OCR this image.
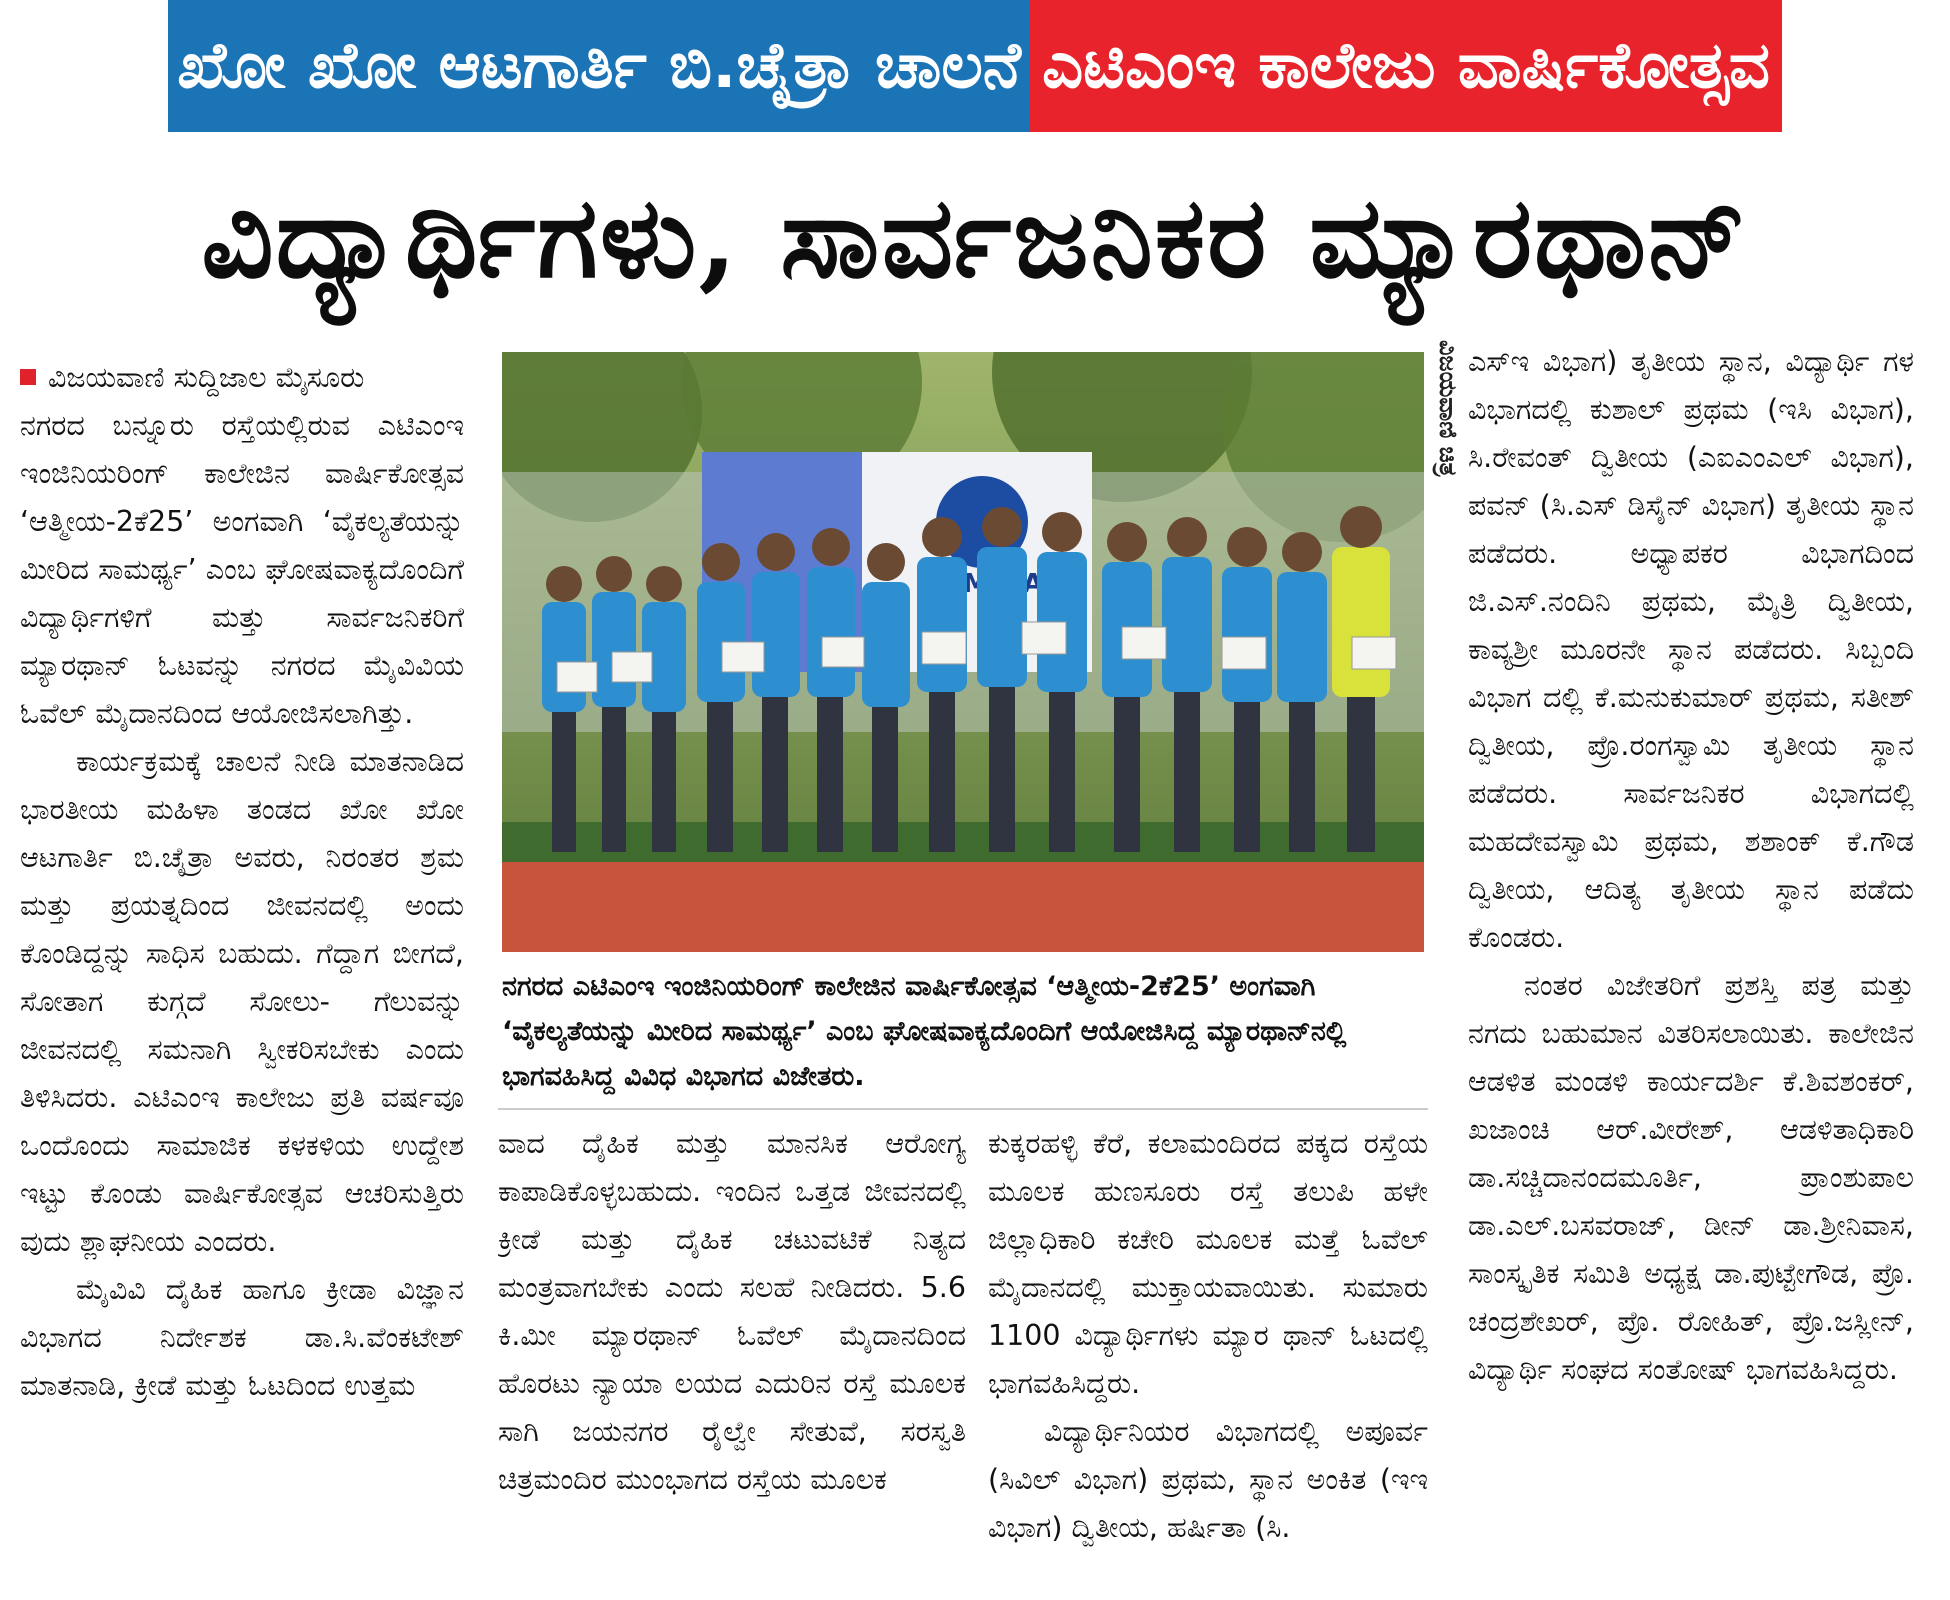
ಖೋ ಖೋ ಆಟಗಾರ್ತಿ ಬಿ.ಚೈತ್ರಾ ಚಾಲನೆ ಎಟಿಎಂಇ ಕಾಲೇಜು ವಾರ್ಷಿಕೋತ್ಸವ
ವಿದ್ಯಾರ್ಥಿಗಳು, ಸಾರ್ವಜನಿಕರ ಮ್ಯಾರಥಾನ್

ವಿಜಯವಾಣಿ ಸುದ್ದಿಜಾಲ ಮೈಸೂರು

ನಗರದ ಬನ್ನೂರು ರಸ್ತೆಯಲ್ಲಿರುವ ಎಟಿಎಂಇ ಇಂಜಿನಿಯರಿಂಗ್ ಕಾಲೇಜಿನ ವಾರ್ಷಿಕೋತ್ಸವ ‘ಆತ್ಮೀಯ-2ಕೆ25’ ಅಂಗವಾಗಿ ‘ವೈಕಲ್ಯತೆಯನ್ನು ಮೀರಿದ ಸಾಮರ್ಥ್ಯ’ ಎಂಬ ಘೋಷವಾಕ್ಯದೊಂದಿಗೆ ವಿದ್ಯಾರ್ಥಿಗಳಿಗೆ ಮತ್ತು ಸಾರ್ವಜನಿಕರಿಗೆ ಮ್ಯಾರಥಾನ್ ಓಟವನ್ನು ನಗರದ ಮೈವಿವಿಯ ಓವೆಲ್ ಮೈದಾನದಿಂದ ಆಯೋಜಿಸಲಾಗಿತ್ತು.

ಕಾರ್ಯಕ್ರಮಕ್ಕೆ ಚಾಲನೆ ನೀಡಿ ಮಾತನಾಡಿದ ಭಾರತೀಯ ಮಹಿಳಾ ತಂಡದ ಖೋ ಖೋ ಆಟಗಾರ್ತಿ ಬಿ.ಚೈತ್ರಾ ಅವರು, ನಿರಂತರ ಶ್ರಮ ಮತ್ತು ಪ್ರಯತ್ನದಿಂದ ಜೀವನದಲ್ಲಿ ಅಂದು ಕೊಂಡಿದ್ದನ್ನು ಸಾಧಿಸ ಬಹುದು. ಗೆದ್ದಾಗ ಬೀಗದೆ, ಸೋತಾಗ ಕುಗ್ಗದೆ ಸೋಲು- ಗೆಲುವನ್ನು ಜೀವನದಲ್ಲಿ ಸಮನಾಗಿ ಸ್ವೀಕರಿಸಬೇಕು ಎಂದು ತಿಳಿಸಿದರು. ಎಟಿಎಂಇ ಕಾಲೇಜು ಪ್ರತಿ ವರ್ಷವೂ ಒಂದೊಂದು ಸಾಮಾಜಿಕ ಕಳಕಳಿಯ ಉದ್ದೇಶ ಇಟ್ಟು ಕೊಂಡು ವಾರ್ಷಿಕೋತ್ಸವ ಆಚರಿಸುತ್ತಿರು ವುದು ಶ್ಲಾಘನೀಯ ಎಂದರು.

ಮೈವಿವಿ ದೈಹಿಕ ಹಾಗೂ ಕ್ರೀಡಾ ವಿಜ್ಞಾನ ವಿಭಾಗದ ನಿರ್ದೇಶಕ ಡಾ.ಸಿ.ವೆಂಕಟೇಶ್ ಮಾತನಾಡಿ, ಕ್ರೀಡೆ ಮತ್ತು ಓಟದಿಂದ ಉತ್ತಮ

ವಿಜಯವಾಣಿ ಚಿತ್ರ
ನಗರದ ಎಟಿಎಂಇ ಇಂಜಿನಿಯರಿಂಗ್ ಕಾಲೇಜಿನ ವಾರ್ಷಿಕೋತ್ಸವ ‘ಆತ್ಮೀಯ-2ಕೆ25’ ಅಂಗವಾಗಿ ‘ವೈಕಲ್ಯತೆಯನ್ನು ಮೀರಿದ ಸಾಮರ್ಥ್ಯ’ ಎಂಬ ಘೋಷವಾಕ್ಯದೊಂದಿಗೆ ಆಯೋಜಿಸಿದ್ದ ಮ್ಯಾರಥಾನ್‌ನಲ್ಲಿ ಭಾಗವಹಿಸಿದ್ದ ವಿವಿಧ ವಿಭಾಗದ ವಿಜೇತರು.

ವಾದ ದೈಹಿಕ ಮತ್ತು ಮಾನಸಿಕ ಆರೋಗ್ಯ ಕಾಪಾಡಿಕೊಳ್ಳಬಹುದು. ಇಂದಿನ ಒತ್ತಡ ಜೀವನದಲ್ಲಿ ಕ್ರೀಡೆ ಮತ್ತು ದೈಹಿಕ ಚಟುವಟಿಕೆ ನಿತ್ಯದ ಮಂತ್ರವಾಗಬೇಕು ಎಂದು ಸಲಹೆ ನೀಡಿದರು. 5.6 ಕಿ.ಮೀ ಮ್ಯಾರಥಾನ್ ಓವೆಲ್ ಮೈದಾನದಿಂದ ಹೊರಟು ನ್ಯಾಯಾ ಲಯದ ಎದುರಿನ ರಸ್ತೆ ಮೂಲಕ ಸಾಗಿ ಜಯನಗರ ರೈಲ್ವೇ ಸೇತುವೆ, ಸರಸ್ವತಿ ಚಿತ್ರಮಂದಿರ ಮುಂಭಾಗದ ರಸ್ತೆಯ ಮೂಲಕ

ಕುಕ್ಕರಹಳ್ಳಿ ಕೆರೆ, ಕಲಾಮಂದಿರದ ಪಕ್ಕದ ರಸ್ತೆಯ ಮೂಲಕ ಹುಣಸೂರು ರಸ್ತೆ ತಲುಪಿ ಹಳೇ ಜಿಲ್ಲಾಧಿಕಾರಿ ಕಚೇರಿ ಮೂಲಕ ಮತ್ತೆ ಓವೆಲ್ ಮೈದಾನದಲ್ಲಿ ಮುಕ್ತಾಯವಾಯಿತು. ಸುಮಾರು 1100 ವಿದ್ಯಾರ್ಥಿಗಳು ಮ್ಯಾರ ಥಾನ್ ಓಟದಲ್ಲಿ ಭಾಗವಹಿಸಿದ್ದರು.

ವಿದ್ಯಾರ್ಥಿನಿಯರ ವಿಭಾಗದಲ್ಲಿ ಅಪೂರ್ವ (ಸಿವಿಲ್ ವಿಭಾಗ) ಪ್ರಥಮ, ಸ್ಥಾನ ಅಂಕಿತ (ಇಇ ವಿಭಾಗ) ದ್ವಿತೀಯ, ಹರ್ಷಿತಾ (ಸಿ.

ಎಸ್‌ಇ ವಿಭಾಗ) ತೃತೀಯ ಸ್ಥಾನ, ವಿದ್ಯಾರ್ಥಿ ಗಳ ವಿಭಾಗದಲ್ಲಿ ಕುಶಾಲ್ ಪ್ರಥಮ (ಇಸಿ ವಿಭಾಗ), ಸಿ.ರೇವಂತ್ ದ್ವಿತೀಯ (ಎಐಎಂಎಲ್ ವಿಭಾಗ), ಪವನ್ (ಸಿ.ಎಸ್ ಡಿಸೈನ್ ವಿಭಾಗ) ತೃತೀಯ ಸ್ಥಾನ ಪಡೆದರು. ಅಧ್ಯಾಪಕರ ವಿಭಾಗದಿಂದ ಜಿ.ಎಸ್.ನಂದಿನಿ ಪ್ರಥಮ, ಮೈತ್ರಿ ದ್ವಿತೀಯ, ಕಾವ್ಯಶ್ರೀ ಮೂರನೇ ಸ್ಥಾನ ಪಡೆದರು. ಸಿಬ್ಬಂದಿ ವಿಭಾಗ ದಲ್ಲಿ ಕೆ.ಮನುಕುಮಾರ್ ಪ್ರಥಮ, ಸತೀಶ್ ದ್ವಿತೀಯ, ಪ್ರೊ.ರಂಗಸ್ವಾಮಿ ತೃತೀಯ ಸ್ಥಾನ ಪಡೆದರು. ಸಾರ್ವಜನಿಕರ ವಿಭಾಗದಲ್ಲಿ ಮಹದೇವಸ್ವಾಮಿ ಪ್ರಥಮ, ಶಶಾಂಕ್ ಕೆ.ಗೌಡ ದ್ವಿತೀಯ, ಆದಿತ್ಯ ತೃತೀಯ ಸ್ಥಾನ ಪಡೆದು ಕೊಂಡರು.

ನಂತರ ವಿಜೇತರಿಗೆ ಪ್ರಶಸ್ತಿ ಪತ್ರ ಮತ್ತು ನಗದು ಬಹುಮಾನ ವಿತರಿಸಲಾಯಿತು. ಕಾಲೇಜಿನ ಆಡಳಿತ ಮಂಡಳಿ ಕಾರ್ಯದರ್ಶಿ ಕೆ.ಶಿವಶಂಕರ್, ಖಜಾಂಚಿ ಆರ್.ವೀರೇಶ್, ಆಡಳಿತಾಧಿಕಾರಿ ಡಾ.ಸಚ್ಚಿದಾನಂದಮೂರ್ತಿ, ಪ್ರಾಂಶುಪಾಲ ಡಾ.ಎಲ್.ಬಸವರಾಜ್, ಡೀನ್ ಡಾ.ಶ್ರೀನಿವಾಸ, ಸಾಂಸ್ಕೃತಿಕ ಸಮಿತಿ ಅಧ್ಯಕ್ಷ ಡಾ.ಪುಟ್ಟೇಗೌಡ, ಪ್ರೊ. ಚಂದ್ರಶೇಖರ್, ಪ್ರೊ. ರೋಹಿತ್, ಪ್ರೊ.ಜಸ್ಲೀನ್, ವಿದ್ಯಾರ್ಥಿ ಸಂಘದ ಸಂತೋಷ್ ಭಾಗವಹಿಸಿದ್ದರು.
